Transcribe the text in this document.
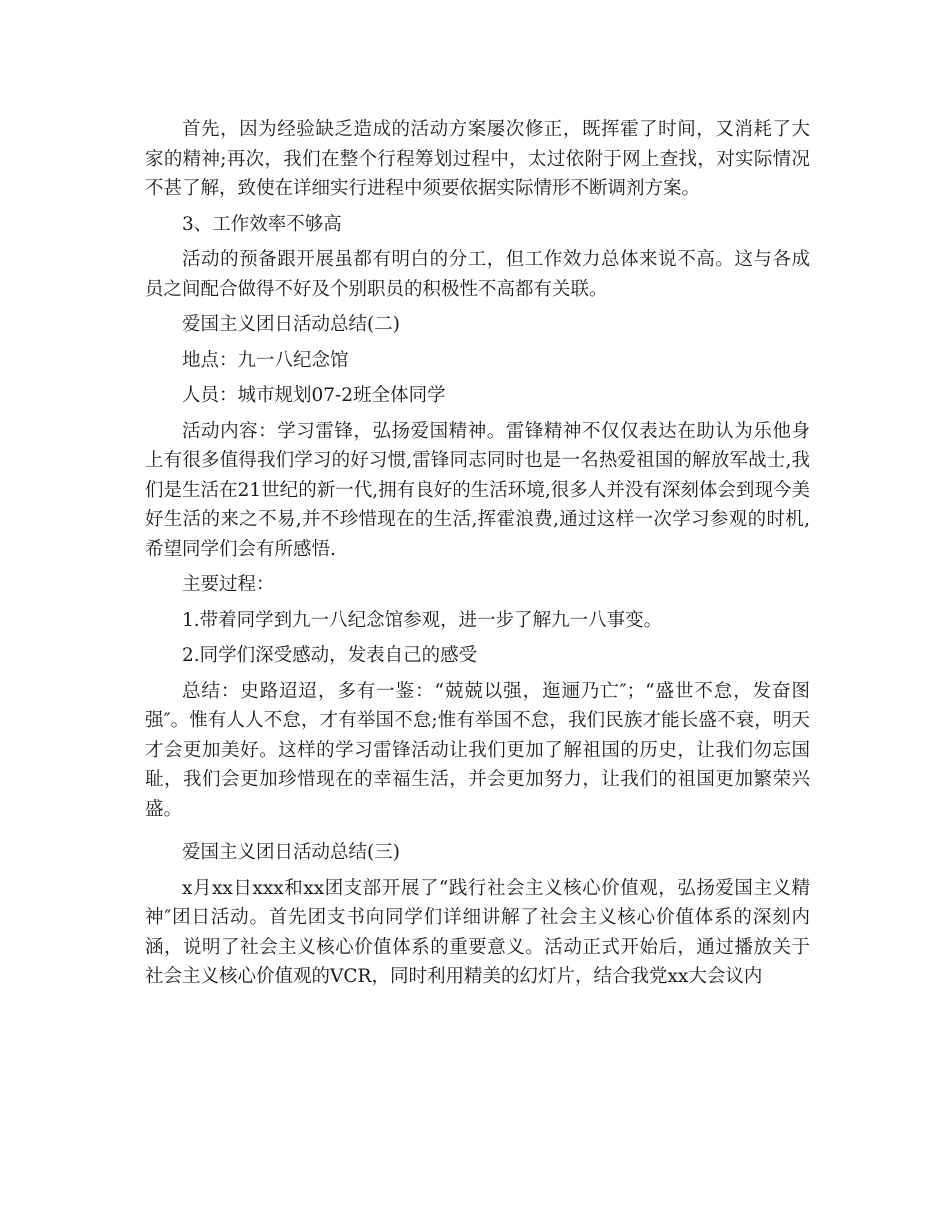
首先，因为经验缺乏造成的活动方案屡次修正，既挥霍了时间，又消耗了大家的精神;再次，我们在整个行程筹划过程中，太过依附于网上查找，对实际情况不甚了解，致使在详细实行进程中须要依据实际情形不断调剂方案。

3、工作效率不够高

活动的预备跟开展虽都有明白的分工，但工作效力总体来说不高。这与各成员之间配合做得不好及个别职员的积极性不高都有关联。

爱国主义团日活动总结(二)

地点：九一八纪念馆

人员：城市规划07-2班全体同学

活动内容：学习雷锋，弘扬爱国精神。雷锋精神不仅仅表达在助认为乐他身上有很多值得我们学习的好习惯,雷锋同志同时也是一名热爱祖国的解放军战士,我们是生活在21世纪的新一代,拥有良好的生活环境,很多人并没有深刻体会到现今美好生活的来之不易,并不珍惜现在的生活,挥霍浪费,通过这样一次学习参观的时机,希望同学们会有所感悟.

主要过程：

1.带着同学到九一八纪念馆参观，进一步了解九一八事变。

2.同学们深受感动，发表自己的感受

总结：史路迢迢，多有一鉴：“兢兢以强，迤逦乃亡″；“盛世不怠，发奋图强″。惟有人人不怠，才有举国不怠;惟有举国不怠，我们民族才能长盛不衰，明天才会更加美好。这样的学习雷锋活动让我们更加了解祖国的历史，让我们勿忘国耻，我们会更加珍惜现在的幸福生活，并会更加努力，让我们的祖国更加繁荣兴盛。

爱国主义团日活动总结(三)

x月xx日xxx和xx团支部开展了“践行社会主义核心价值观，弘扬爱国主义精神″团日活动。首先团支书向同学们详细讲解了社会主义核心价值体系的深刻内涵，说明了社会主义核心价值体系的重要意义。活动正式开始后，通过播放关于社会主义核心价值观的VCR，同时利用精美的幻灯片，结合我党xx大会议内
